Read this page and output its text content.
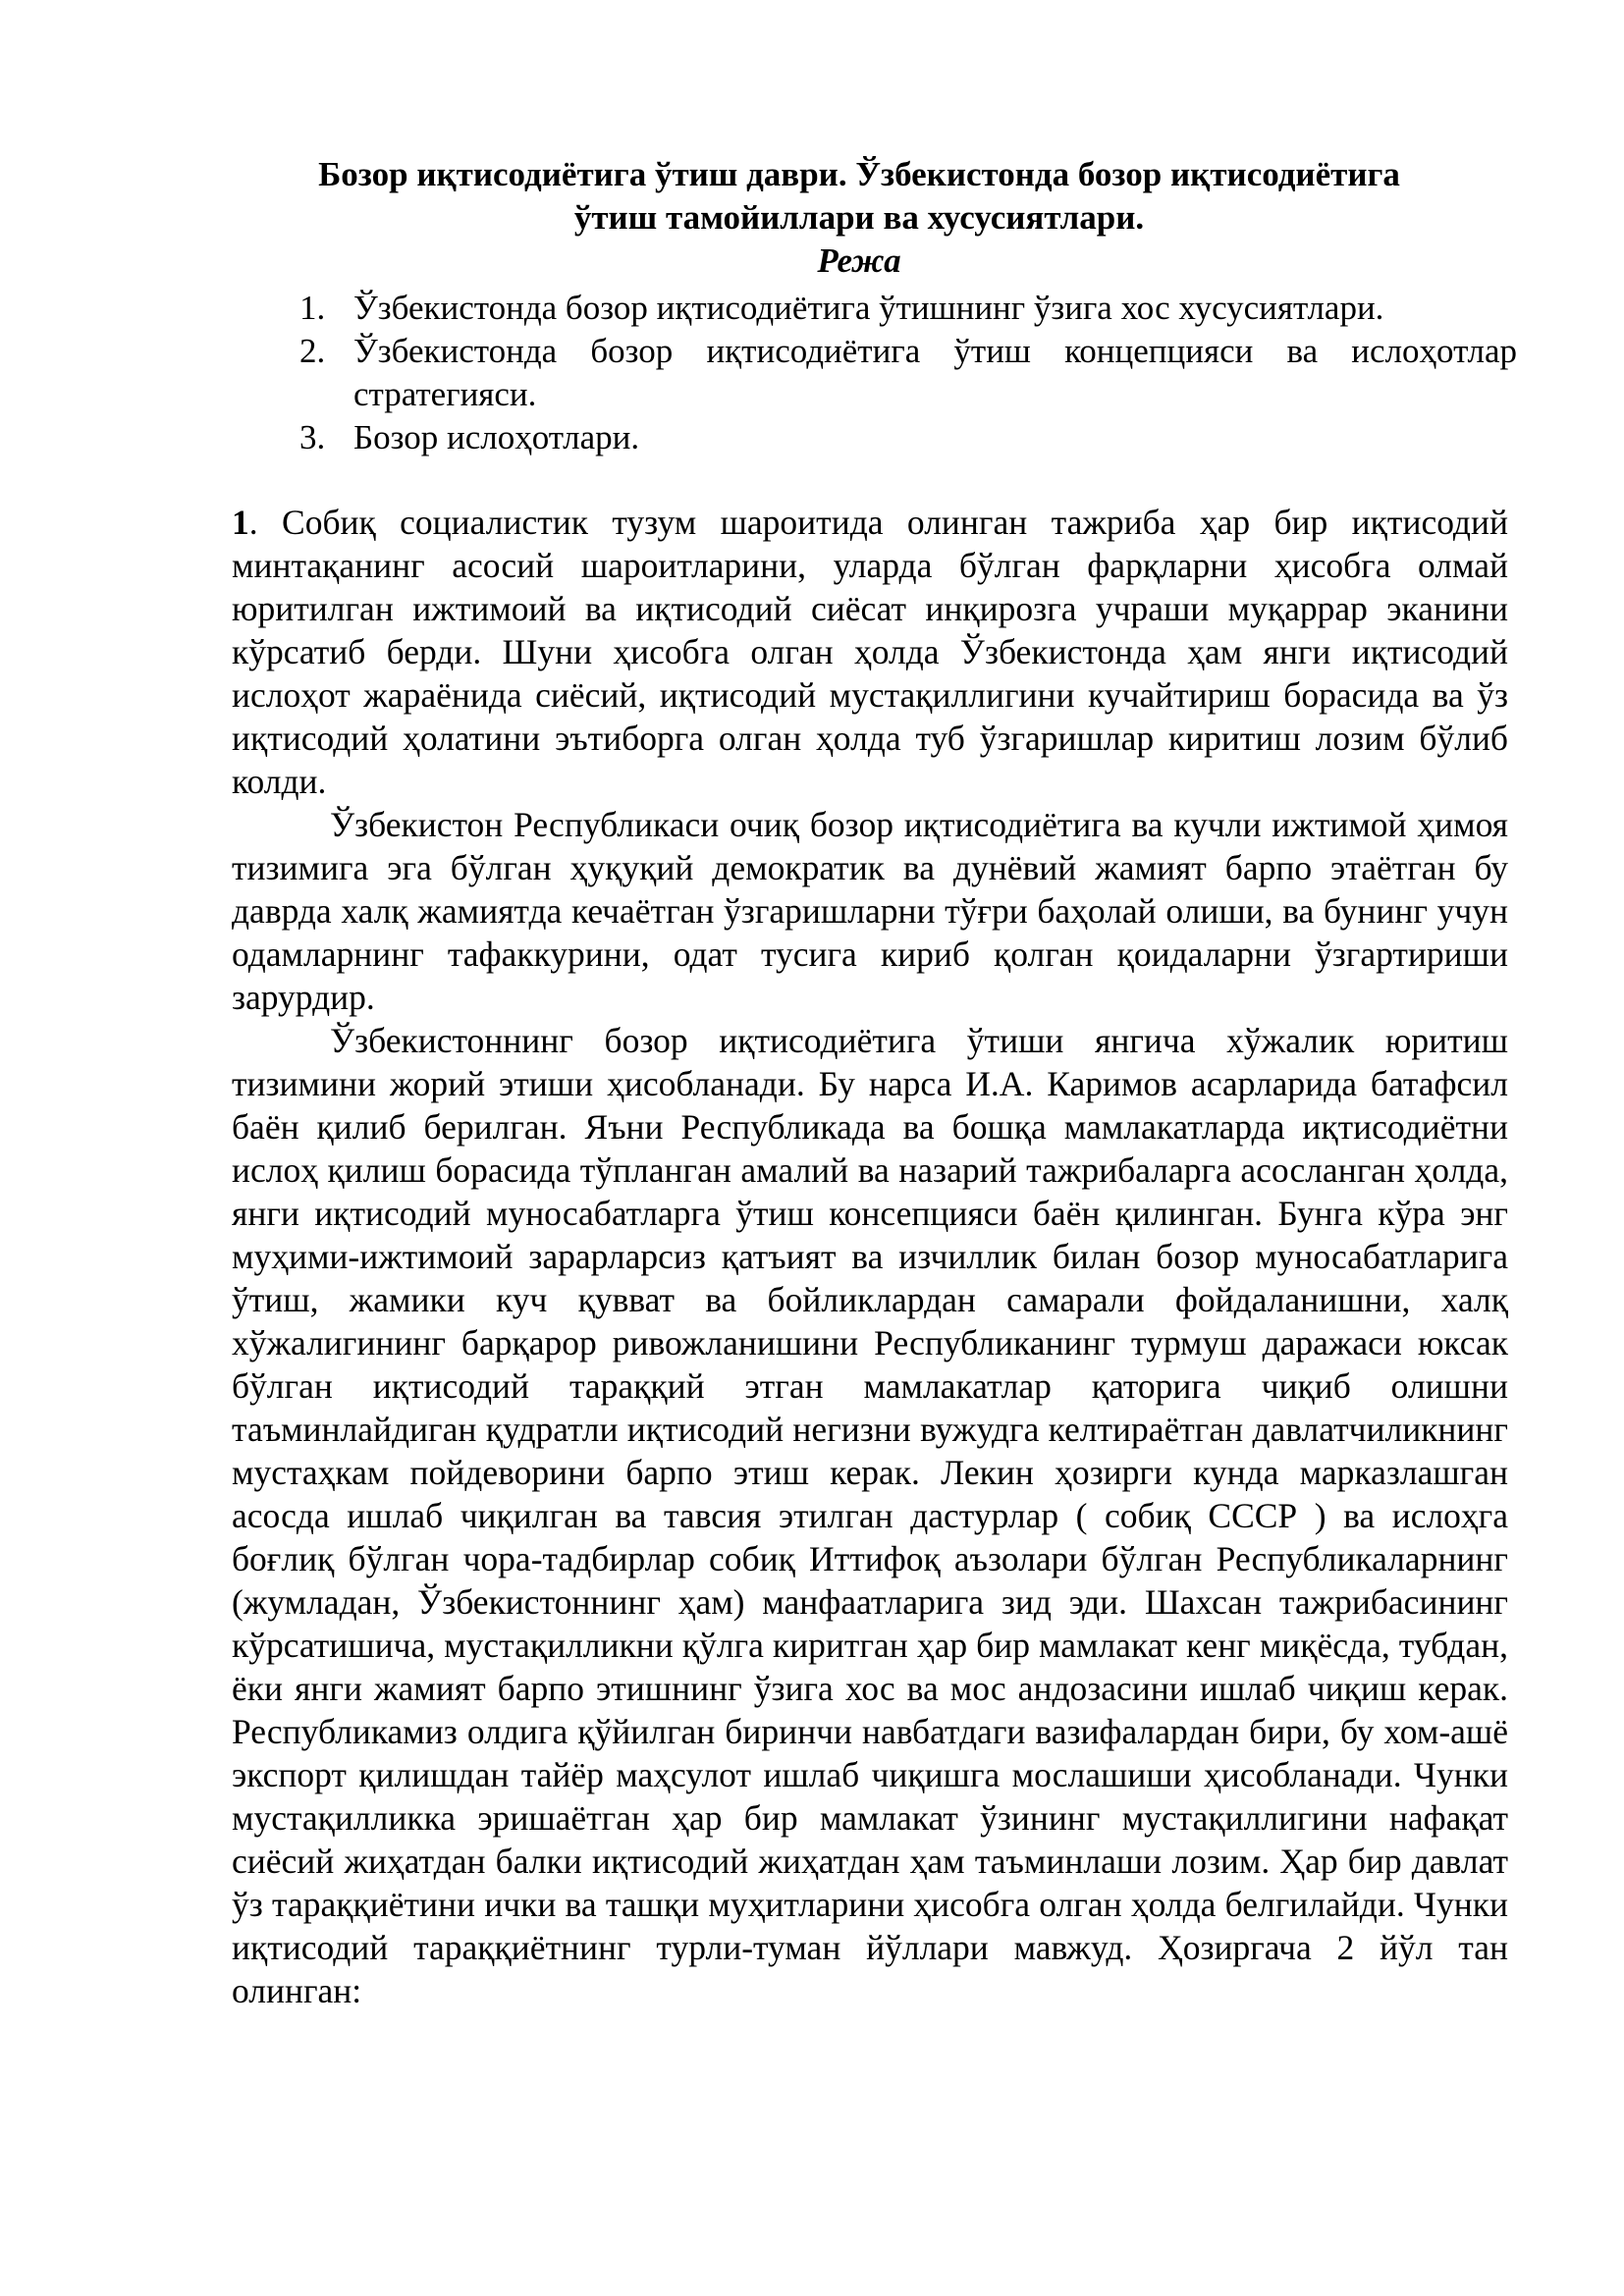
Бозор иқтисодиётига ўтиш даври. Ўзбекистонда бозор иқтисодиётига
ўтиш тамойиллари ва хусусиятлари.
Режа
1. Ўзбекистонда бозор иқтисодиётига ўтишнинг ўзига хос хусусиятлари.
2. Ўзбекистонда бозор иқтисодиётига ўтиш концепцияси ва ислоҳотлар стратегияси.
3. Бозор ислоҳотлари.

1. Собиқ социалистик тузум шароитида олинган тажриба ҳар бир иқтисодий минтақанинг асосий шароитларини, уларда бўлган фарқларни ҳисобга олмай юритилган ижтимоий ва иқтисодий сиёсат инқирозга учраши муқаррар эканини кўрсатиб берди. Шуни ҳисобга олган ҳолда Ўзбекистонда ҳам янги иқтисодий ислоҳот жараёнида сиёсий, иқтисодий мустақиллигини кучайтириш борасида ва ўз иқтисодий ҳолатини эътиборга олган ҳолда туб ўзгаришлар киритиш лозим бўлиб колди.

Ўзбекистон Республикаси очиқ бозор иқтисодиётига ва кучли ижтимой ҳимоя тизимига эга бўлган ҳуқуқий демократик ва дунёвий жамият барпо этаётган бу даврда халқ жамиятда кечаётган ўзгаришларни тўғри баҳолай олиши, ва бунинг учун одамларнинг тафаккурини, одат тусига кириб қолган қоидаларни ўзгартириши зарурдир.

Ўзбекистоннинг бозор иқтисодиётига ўтиши янгича хўжалик юритиш тизимини жорий этиши ҳисобланади. Бу нарса И.А. Каримов асарларида батафсил баён қилиб берилган. Яъни Республикада ва бошқа мамлакатларда иқтисодиётни ислоҳ қилиш борасида тўпланган амалий ва назарий тажрибаларга асосланган ҳолда, янги иқтисодий муносабатларга ўтиш консепцияси баён қилинган. Бунга кўра энг муҳими-ижтимоий зарарларсиз қатъият ва изчиллик билан бозор муносабатларига ўтиш, жамики куч қувват ва бойликлардан самарали фойдаланишни, халқ хўжалигининг барқарор ривожланишини Республиканинг турмуш даражаси юксак бўлган иқтисодий тараққий этган мамлакатлар қаторига чиқиб олишни таъминлайдиган қудратли иқтисодий негизни вужудга келтираётган давлатчиликнинг мустаҳкам пойдеворини барпо этиш керак. Лекин ҳозирги кунда марказлашган асосда ишлаб чиқилган ва тавсия этилган дастурлар ( собиқ СССР ) ва ислоҳга боғлиқ бўлган чора-тадбирлар собиқ Иттифоқ аъзолари бўлган Республикаларнинг (жумладан, Ўзбекистоннинг ҳам) манфаатларига зид эди. Шахсан тажрибасининг кўрсатишича, мустақилликни қўлга киритган ҳар бир мамлакат кенг миқёсда, тубдан, ёки янги жамият барпо этишнинг ўзига хос ва мос андозасини ишлаб чиқиш керак. Республикамиз олдига қўйилган биринчи навбатдаги вазифалардан бири, бу хом-ашё экспорт қилишдан тайёр маҳсулот ишлаб чиқишга мослашиши ҳисобланади. Чунки мустақилликка эришаётган ҳар бир мамлакат ўзининг мустақиллигини нафақат сиёсий жиҳатдан балки иқтисодий жиҳатдан ҳам таъминлаши лозим. Ҳар бир давлат ўз тараққиётини ички ва ташқи муҳитларини ҳисобга олган ҳолда белгилайди. Чунки иқтисодий тараққиётнинг турли-туман йўллари мавжуд. Ҳозиргача 2 йўл тан олинган:
